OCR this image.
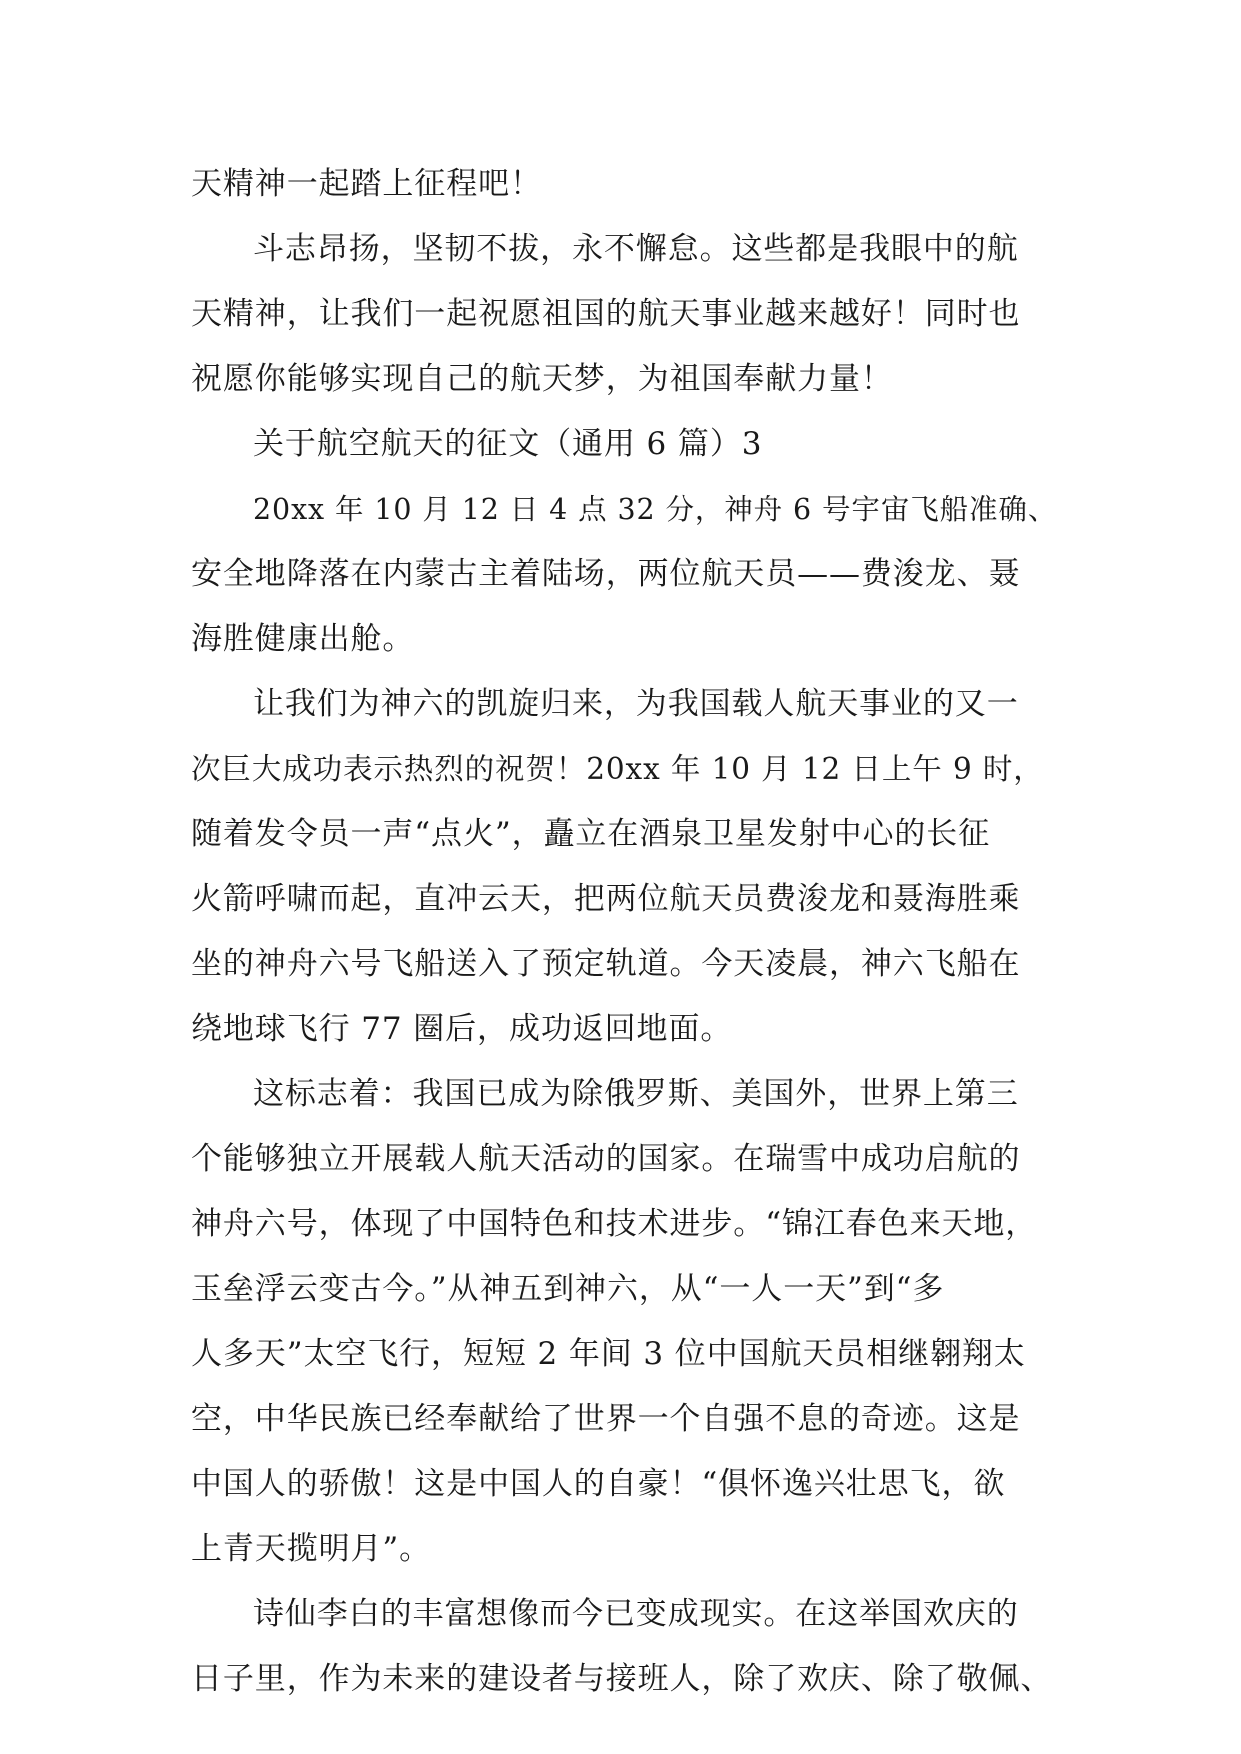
天精神一起踏上征程吧！
斗志昂扬，坚韧不拔，永不懈怠。这些都是我眼中的航
天精神，让我们一起祝愿祖国的航天事业越来越好！同时也
祝愿你能够实现自己的航天梦，为祖国奉献力量！
关于航空航天的征文（通用 6 篇）3
20xx 年 10 月 12 日 4 点 32 分，神舟 6 号宇宙飞船准确、
安全地降落在内蒙古主着陆场，两位航天员——费浚龙、聂
海胜健康出舱。
让我们为神六的凯旋归来，为我国载人航天事业的又一
次巨大成功表示热烈的祝贺！20xx 年 10 月 12 日上午 9 时，
随着发令员一声“点火”，矗立在酒泉卫星发射中心的长征
火箭呼啸而起，直冲云天，把两位航天员费浚龙和聂海胜乘
坐的神舟六号飞船送入了预定轨道。今天凌晨，神六飞船在
绕地球飞行 77 圈后，成功返回地面。
这标志着：我国已成为除俄罗斯、美国外，世界上第三
个能够独立开展载人航天活动的国家。在瑞雪中成功启航的
神舟六号，体现了中国特色和技术进步。“锦江春色来天地，
玉垒浮云变古今。”从神五到神六，从“一人一天”到“多
人多天”太空飞行，短短 2 年间 3 位中国航天员相继翱翔太
空，中华民族已经奉献给了世界一个自强不息的奇迹。这是
中国人的骄傲！这是中国人的自豪！“俱怀逸兴壮思飞，欲
上青天揽明月”。
诗仙李白的丰富想像而今已变成现实。在这举国欢庆的
日子里，作为未来的建设者与接班人，除了欢庆、除了敬佩、
